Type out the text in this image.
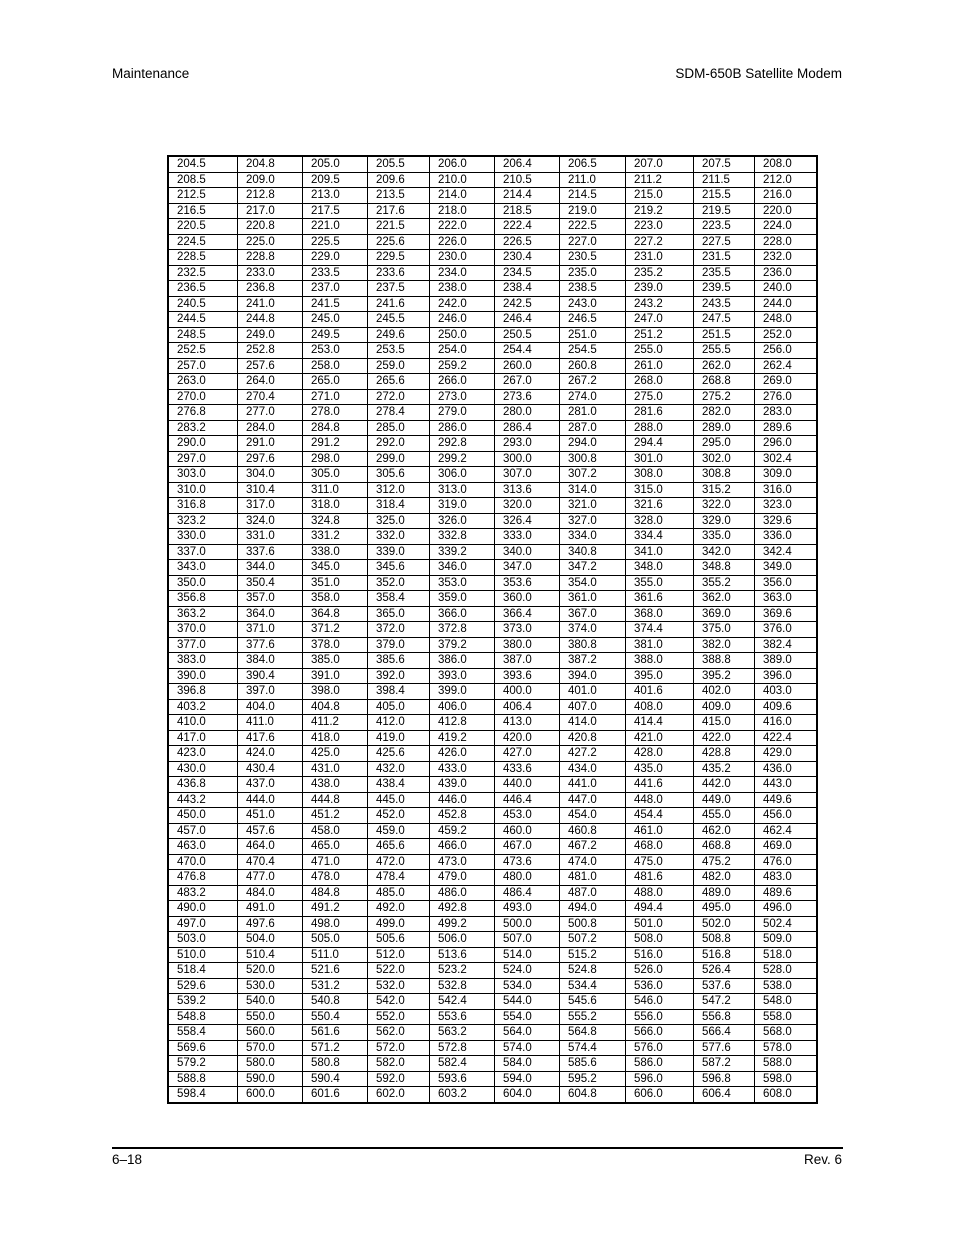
Maintenance	SDM-650B Satellite Modem
204.5	204.8	205.0	205.5	206.0	206.4	206.5	207.0	207.5	208.0
208.5	209.0	209.5	209.6	210.0	210.5	211.0	211.2	211.5	212.0
212.5	212.8	213.0	213.5	214.0	214.4	214.5	215.0	215.5	216.0
216.5	217.0	217.5	217.6	218.0	218.5	219.0	219.2	219.5	220.0
220.5	220.8	221.0	221.5	222.0	222.4	222.5	223.0	223.5	224.0
224.5	225.0	225.5	225.6	226.0	226.5	227.0	227.2	227.5	228.0
228.5	228.8	229.0	229.5	230.0	230.4	230.5	231.0	231.5	232.0
232.5	233.0	233.5	233.6	234.0	234.5	235.0	235.2	235.5	236.0
236.5	236.8	237.0	237.5	238.0	238.4	238.5	239.0	239.5	240.0
240.5	241.0	241.5	241.6	242.0	242.5	243.0	243.2	243.5	244.0
244.5	244.8	245.0	245.5	246.0	246.4	246.5	247.0	247.5	248.0
248.5	249.0	249.5	249.6	250.0	250.5	251.0	251.2	251.5	252.0
252.5	252.8	253.0	253.5	254.0	254.4	254.5	255.0	255.5	256.0
257.0	257.6	258.0	259.0	259.2	260.0	260.8	261.0	262.0	262.4
263.0	264.0	265.0	265.6	266.0	267.0	267.2	268.0	268.8	269.0
270.0	270.4	271.0	272.0	273.0	273.6	274.0	275.0	275.2	276.0
276.8	277.0	278.0	278.4	279.0	280.0	281.0	281.6	282.0	283.0
283.2	284.0	284.8	285.0	286.0	286.4	287.0	288.0	289.0	289.6
290.0	291.0	291.2	292.0	292.8	293.0	294.0	294.4	295.0	296.0
297.0	297.6	298.0	299.0	299.2	300.0	300.8	301.0	302.0	302.4
303.0	304.0	305.0	305.6	306.0	307.0	307.2	308.0	308.8	309.0
310.0	310.4	311.0	312.0	313.0	313.6	314.0	315.0	315.2	316.0
316.8	317.0	318.0	318.4	319.0	320.0	321.0	321.6	322.0	323.0
323.2	324.0	324.8	325.0	326.0	326.4	327.0	328.0	329.0	329.6
330.0	331.0	331.2	332.0	332.8	333.0	334.0	334.4	335.0	336.0
337.0	337.6	338.0	339.0	339.2	340.0	340.8	341.0	342.0	342.4
343.0	344.0	345.0	345.6	346.0	347.0	347.2	348.0	348.8	349.0
350.0	350.4	351.0	352.0	353.0	353.6	354.0	355.0	355.2	356.0
356.8	357.0	358.0	358.4	359.0	360.0	361.0	361.6	362.0	363.0
363.2	364.0	364.8	365.0	366.0	366.4	367.0	368.0	369.0	369.6
370.0	371.0	371.2	372.0	372.8	373.0	374.0	374.4	375.0	376.0
377.0	377.6	378.0	379.0	379.2	380.0	380.8	381.0	382.0	382.4
383.0	384.0	385.0	385.6	386.0	387.0	387.2	388.0	388.8	389.0
390.0	390.4	391.0	392.0	393.0	393.6	394.0	395.0	395.2	396.0
396.8	397.0	398.0	398.4	399.0	400.0	401.0	401.6	402.0	403.0
403.2	404.0	404.8	405.0	406.0	406.4	407.0	408.0	409.0	409.6
410.0	411.0	411.2	412.0	412.8	413.0	414.0	414.4	415.0	416.0
417.0	417.6	418.0	419.0	419.2	420.0	420.8	421.0	422.0	422.4
423.0	424.0	425.0	425.6	426.0	427.0	427.2	428.0	428.8	429.0
430.0	430.4	431.0	432.0	433.0	433.6	434.0	435.0	435.2	436.0
436.8	437.0	438.0	438.4	439.0	440.0	441.0	441.6	442.0	443.0
443.2	444.0	444.8	445.0	446.0	446.4	447.0	448.0	449.0	449.6
450.0	451.0	451.2	452.0	452.8	453.0	454.0	454.4	455.0	456.0
457.0	457.6	458.0	459.0	459.2	460.0	460.8	461.0	462.0	462.4
463.0	464.0	465.0	465.6	466.0	467.0	467.2	468.0	468.8	469.0
470.0	470.4	471.0	472.0	473.0	473.6	474.0	475.0	475.2	476.0
476.8	477.0	478.0	478.4	479.0	480.0	481.0	481.6	482.0	483.0
483.2	484.0	484.8	485.0	486.0	486.4	487.0	488.0	489.0	489.6
490.0	491.0	491.2	492.0	492.8	493.0	494.0	494.4	495.0	496.0
497.0	497.6	498.0	499.0	499.2	500.0	500.8	501.0	502.0	502.4
503.0	504.0	505.0	505.6	506.0	507.0	507.2	508.0	508.8	509.0
510.0	510.4	511.0	512.0	513.6	514.0	515.2	516.0	516.8	518.0
518.4	520.0	521.6	522.0	523.2	524.0	524.8	526.0	526.4	528.0
529.6	530.0	531.2	532.0	532.8	534.0	534.4	536.0	537.6	538.0
539.2	540.0	540.8	542.0	542.4	544.0	545.6	546.0	547.2	548.0
548.8	550.0	550.4	552.0	553.6	554.0	555.2	556.0	556.8	558.0
558.4	560.0	561.6	562.0	563.2	564.0	564.8	566.0	566.4	568.0
569.6	570.0	571.2	572.0	572.8	574.0	574.4	576.0	577.6	578.0
579.2	580.0	580.8	582.0	582.4	584.0	585.6	586.0	587.2	588.0
588.8	590.0	590.4	592.0	593.6	594.0	595.2	596.0	596.8	598.0
598.4	600.0	601.6	602.0	603.2	604.0	604.8	606.0	606.4	608.0
6–18	Rev. 6
